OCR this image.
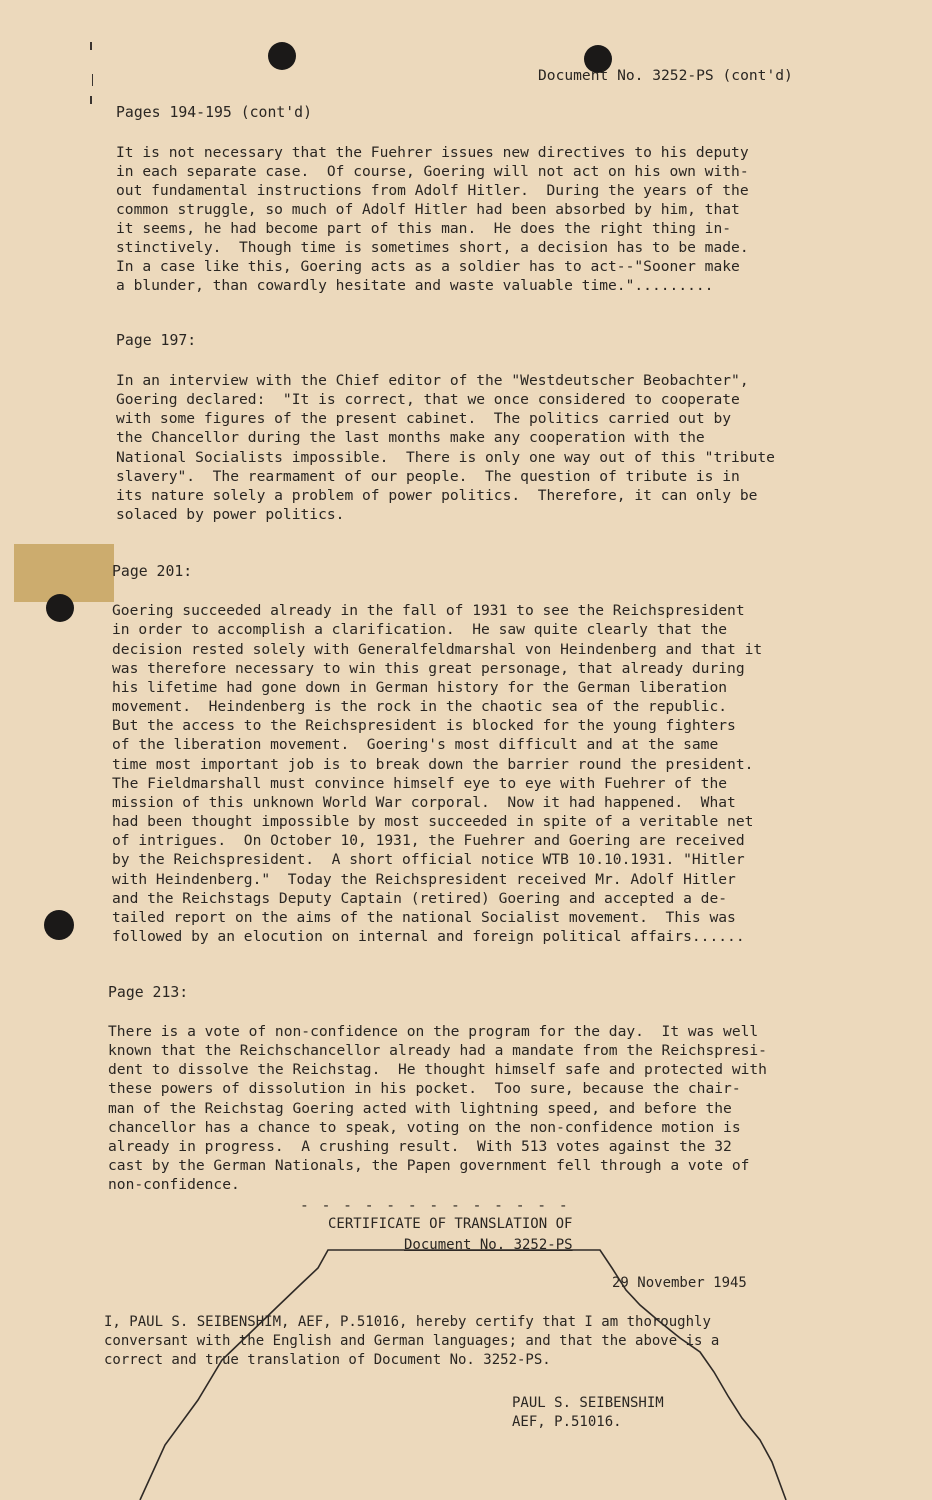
Document No. 3252-PS (cont'd)
Pages 194-195 (cont'd)
It is not necessary that the Fuehrer issues new directives to his deputy
in each separate case.  Of course, Goering will not act on his own with-
out fundamental instructions from Adolf Hitler.  During the years of the
common struggle, so much of Adolf Hitler had been absorbed by him, that
it seems, he had become part of this man.  He does the right thing in-
stinctively.  Though time is sometimes short, a decision has to be made.
In a case like this, Goering acts as a soldier has to act--"Sooner make
a blunder, than cowardly hesitate and waste valuable time.".........
Page 197:
In an interview with the Chief editor of the "Westdeutscher Beobachter",
Goering declared:  "It is correct, that we once considered to cooperate
with some figures of the present cabinet.  The politics carried out by
the Chancellor during the last months make any cooperation with the
National Socialists impossible.  There is only one way out of this "tribute
slavery".  The rearmament of our people.  The question of tribute is in
its nature solely a problem of power politics.  Therefore, it can only be
solaced by power politics.
Page 201:
Goering succeeded already in the fall of 1931 to see the Reichspresident
in order to accomplish a clarification.  He saw quite clearly that the
decision rested solely with Generalfeldmarshal von Heindenberg and that it
was therefore necessary to win this great personage, that already during
his lifetime had gone down in German history for the German liberation
movement.  Heindenberg is the rock in the chaotic sea of the republic.
But the access to the Reichspresident is blocked for the young fighters
of the liberation movement.  Goering's most difficult and at the same
time most important job is to break down the barrier round the president.
The Fieldmarshall must convince himself eye to eye with Fuehrer of the
mission of this unknown World War corporal.  Now it had happened.  What
had been thought impossible by most succeeded in spite of a veritable net
of intrigues.  On October 10, 1931, the Fuehrer and Goering are received
by the Reichspresident.  A short official notice WTB 10.10.1931. "Hitler
with Heindenberg."  Today the Reichspresident received Mr. Adolf Hitler
and the Reichstags Deputy Captain (retired) Goering and accepted a de-
tailed report on the aims of the national Socialist movement.  This was
followed by an elocution on internal and foreign political affairs......
Page 213:
There is a vote of non-confidence on the program for the day.  It was well
known that the Reichschancellor already had a mandate from the Reichspresi-
dent to dissolve the Reichstag.  He thought himself safe and protected with
these powers of dissolution in his pocket.  Too sure, because the chair-
man of the Reichstag Goering acted with lightning speed, and before the
chancellor has a chance to speak, voting on the non-confidence motion is
already in progress.  A crushing result.  With 513 votes against the 32
cast by the German Nationals, the Papen government fell through a vote of
non-confidence.
- - - - - - - - - - - - -
CERTIFICATE OF TRANSLATION OF
Document No. 3252-PS
29 November 1945
I, PAUL S. SEIBENSHIM, AEF, P.51016, hereby certify that I am thoroughly
conversant with the English and German languages; and that the above is a
correct and true translation of Document No. 3252-PS.
PAUL S. SEIBENSHIM
AEF, P.51016.
